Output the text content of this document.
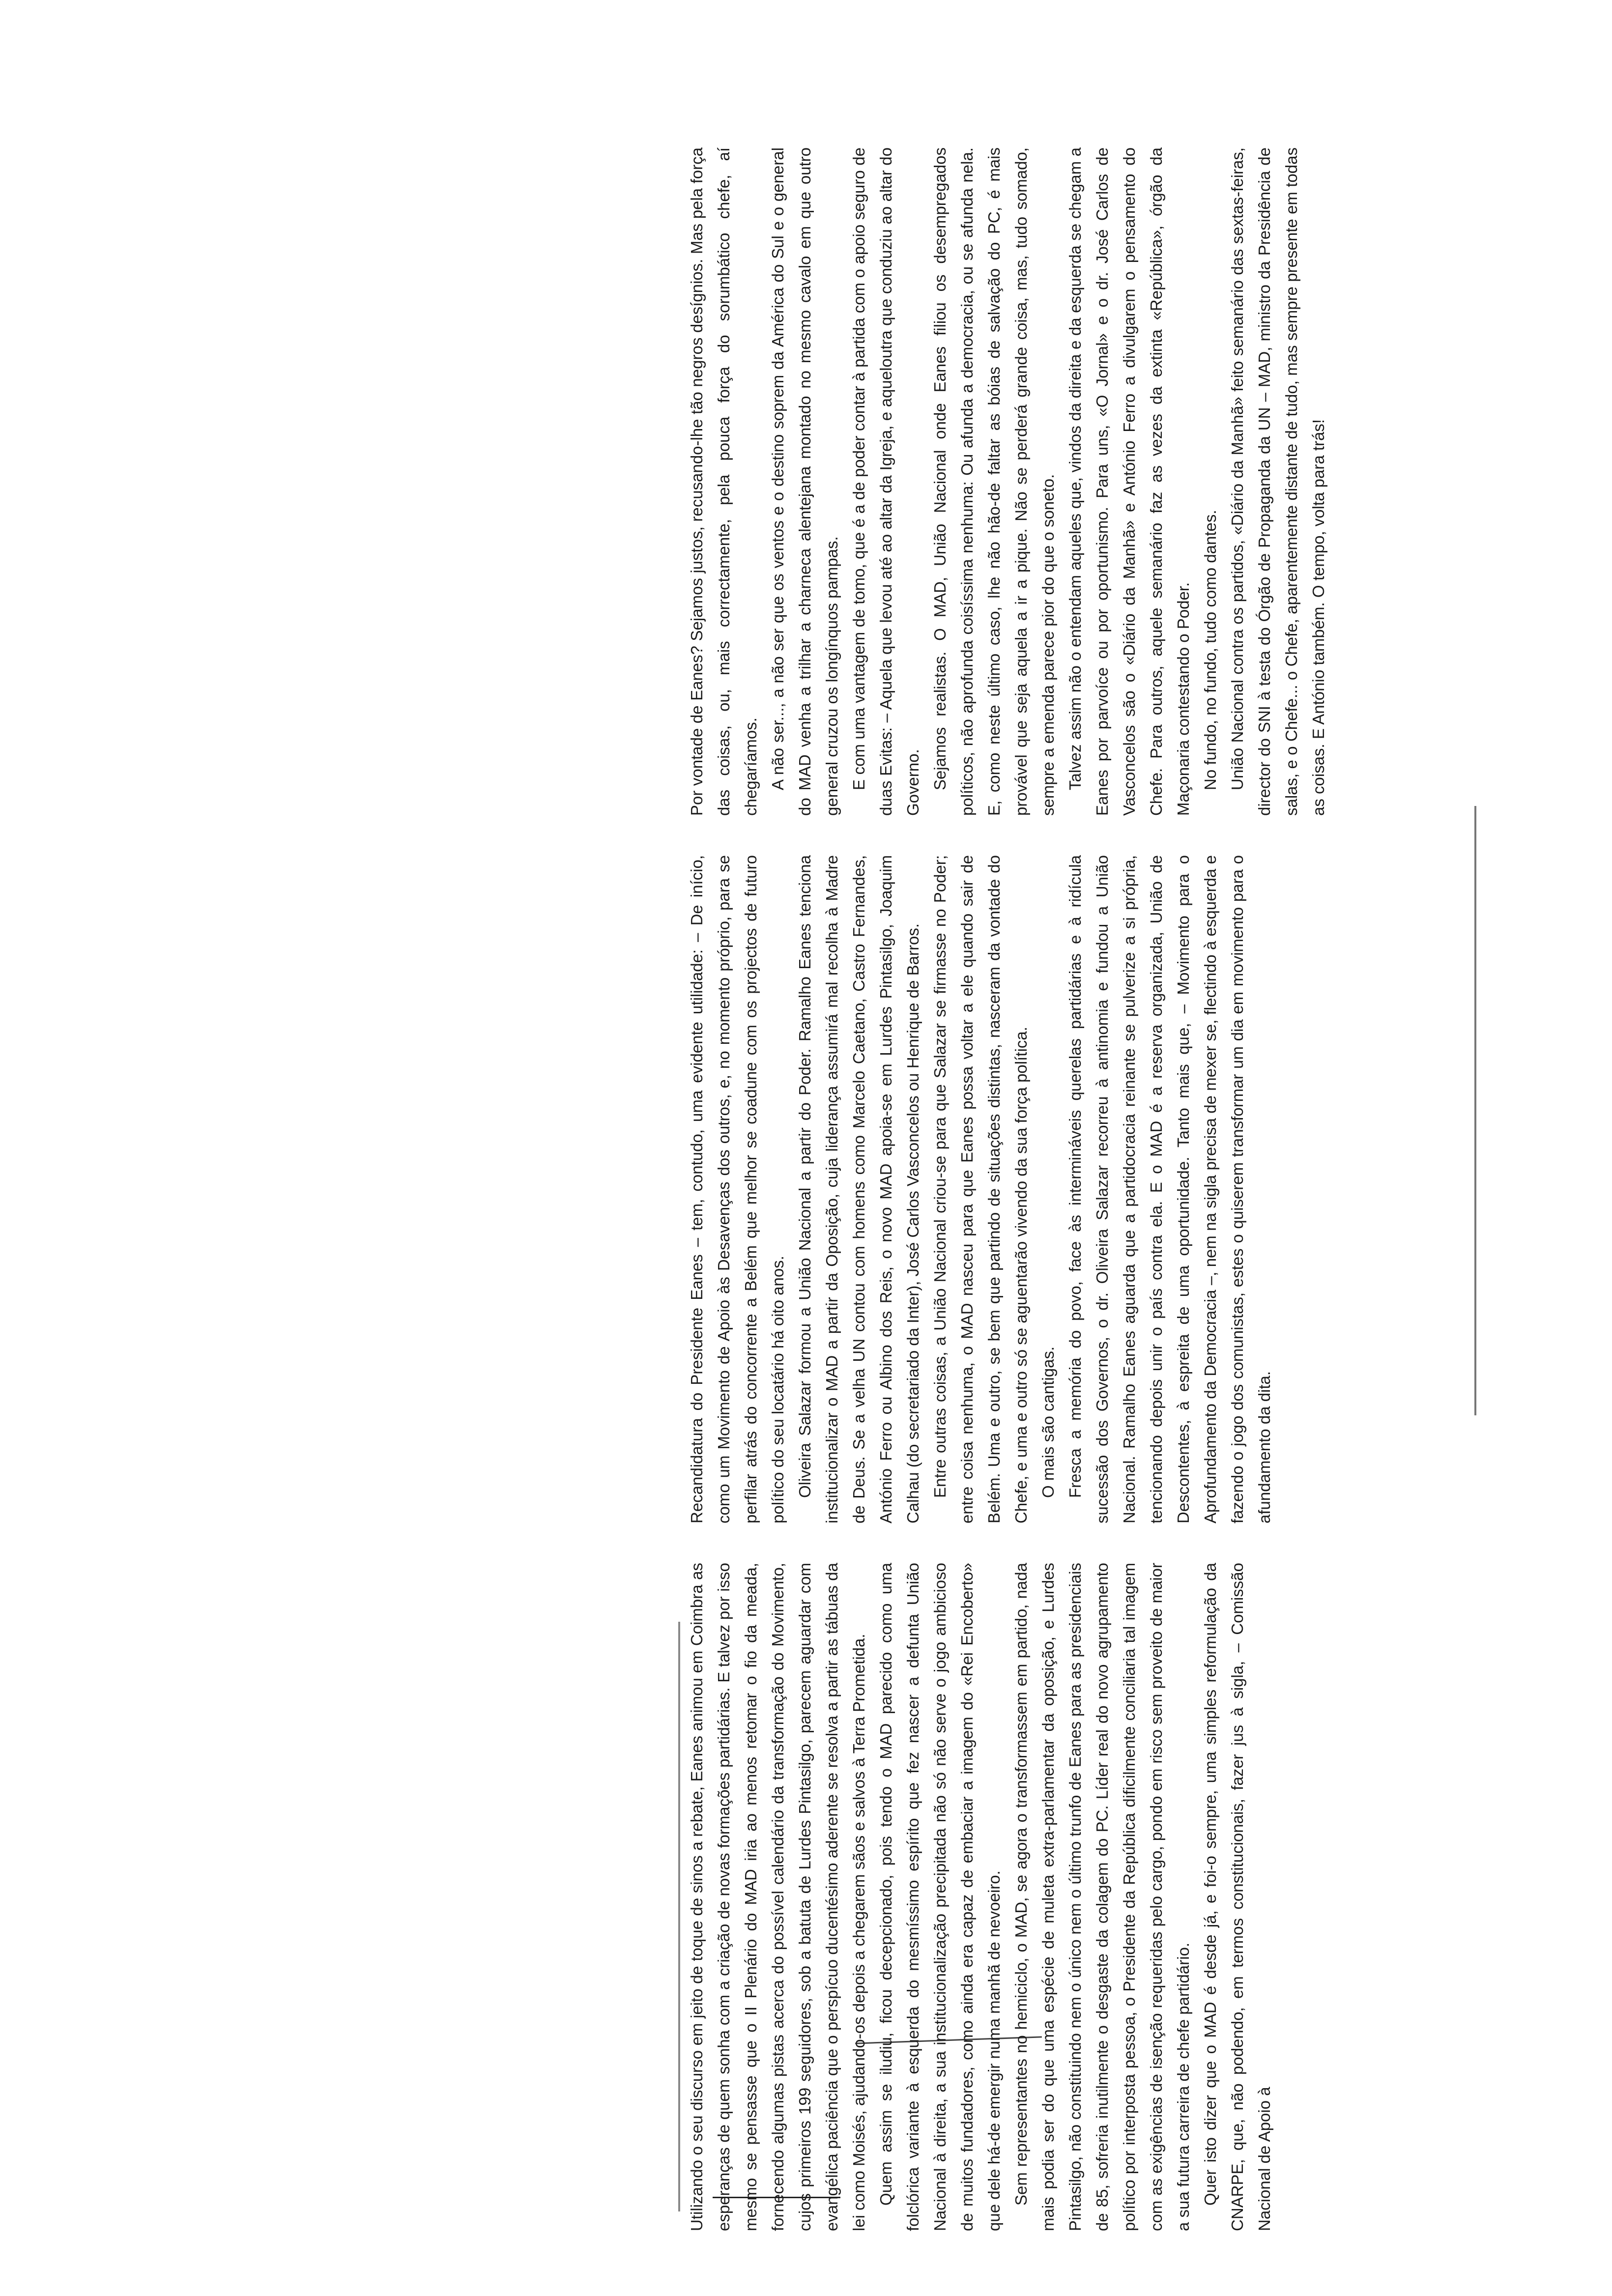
Utilizando o seu discurso em jeito de toque de sinos a rebate, Eanes animou em Coimbra as esperanças de quem sonha com a criação de novas formações partidárias. E talvez por isso mesmo se pensasse que o II Plenário do MAD iria ao menos retomar o fio da meada, fornecendo algumas pistas acerca do possível calendário da transformação do Movimento, cujos primeiros 199 seguidores, sob a batuta de Lurdes Pintasilgo, parecem aguardar com evangélica paciência que o perspícuo ducentésimo aderente se resolva a partir as tábuas da lei como Moisés, ajudando-os depois a chegarem sãos e salvos à Terra Prometida. Quem assim se iludiu, ficou decepcionado, pois tendo o MAD parecido como uma folclórica variante à esquerda do mesmíssimo espírito que fez nascer a defunta União Nacional à direita, a sua institucionalização precipitada não só não serve o jogo ambicioso de muitos fundadores, como ainda era capaz de embaciar a imagem do «Rei Encoberto» que dele há-de emergir numa manhã de nevoeiro. Sem representantes no hemiciclo, o MAD, se agora o transformassem em partido, nada mais podia ser do que uma espécie de muleta extra-parlamentar da oposição, e Lurdes Pintasilgo, não constituindo nem o único nem o último trunfo de Eanes para as presidenciais de 85, sofreria inutilmente o desgaste da colagem do PC. Líder real do novo agrupamento político por interposta pessoa, o Presidente da República dificilmente conciliaria tal imagem com as exigências de isenção requeridas pelo cargo, pondo em risco sem proveito de maior a sua futura carreira de chefe partidário. Quer isto dizer que o MAD é desde já, e foi-o sempre, uma simples reformulação da CNARPE, que, não podendo, em termos constitucionais, fazer jus à sigla, – Comissão Nacional de Apoio à

Recandidatura do Presidente Eanes – tem, contudo, uma evidente utilidade: – De início, como um Movimento de Apoio às Desavenças dos outros, e, no momento próprio, para se perfilar atrás do concorrente a Belém que melhor se coadune com os projectos de futuro político do seu locatário há oito anos. Oliveira Salazar formou a União Nacional a partir do Poder. Ramalho Eanes tenciona institucionalizar o MAD a partir da Oposição, cuja liderança assumirá mal recolha à Madre de Deus. Se a velha UN contou com homens como Marcelo Caetano, Castro Fernandes, António Ferro ou Albino dos Reis, o novo MAD apoia-se em Lurdes Pintasilgo, Joaquim Calhau (do secretariado da Inter), José Carlos Vasconcelos ou Henrique de Barros. Entre outras coisas, a União Nacional criou-se para que Salazar se firmasse no Poder; entre coisa nenhuma, o MAD nasceu para que Eanes possa voltar a ele quando sair de Belém. Uma e outro, se bem que partindo de situações distintas, nasceram da vontade do Chefe, e uma e outro só se aguentarão vivendo da sua força política. O mais são cantigas. Fresca a memória do povo, face às intermináveis querelas partidárias e à ridícula sucessão dos Governos, o dr. Oliveira Salazar recorreu à antinomia e fundou a União Nacional. Ramalho Eanes aguarda que a partidocracia reinante se pulverize a si própria, tencionando depois unir o país contra ela. E o MAD é a reserva organizada, União de Descontentes, à espreita de uma oportunidade. Tanto mais que, – Movimento para o Aprofundamento da Democracia –, nem na sigla precisa de mexer se, flectindo à esquerda e fazendo o jogo dos comunistas, estes o quiserem transformar um dia em movimento para o afundamento da dita.

Por vontade de Eanes? Sejamos justos, recusando-lhe tão negros desígnios. Mas pela força das coisas, ou, mais correctamente, pela pouca força do sorumbático chefe, aí chegaríamos. A não ser..., a não ser que os ventos e o destino soprem da América do Sul e o general do MAD venha a trilhar a charneca alentejana montado no mesmo cavalo em que outro general cruzou os longínquos pampas. E com uma vantagem de tomo, que é a de poder contar à partida com o apoio seguro de duas Evitas: – Aquela que levou até ao altar da Igreja, e aqueloutra que conduziu ao altar do Governo. Sejamos realistas. O MAD, União Nacional onde Eanes filiou os desempregados políticos, não aprofunda coisíssima nenhuma: Ou afunda a democracia, ou se afunda nela. E, como neste último caso, lhe não hão-de faltar as bóias de salvação do PC, é mais provável que seja aquela a ir a pique. Não se perderá grande coisa, mas, tudo somado, sempre a emenda parece pior do que o soneto. Talvez assim não o entendam aqueles que, vindos da direita e da esquerda se chegam a Eanes por parvoíce ou por oportunismo. Para uns, «O Jornal» e o dr. José Carlos de Vasconcelos são o «Diário da Manhã» e António Ferro a divulgarem o pensamento do Chefe. Para outros, aquele semanário faz as vezes da extinta «República», órgão da Maçonaria contestando o Poder. No fundo, no fundo, tudo como dantes. União Nacional contra os partidos, «Diário da Manhã» feito semanário das sextas-feiras, director do SNI à testa do Órgão de Propaganda da UN – MAD, ministro da Presidência de salas, e o Chefe... o Chefe, aparentemente distante de tudo, mas sempre presente em todas as coisas. E António também. O tempo, volta para trás!
